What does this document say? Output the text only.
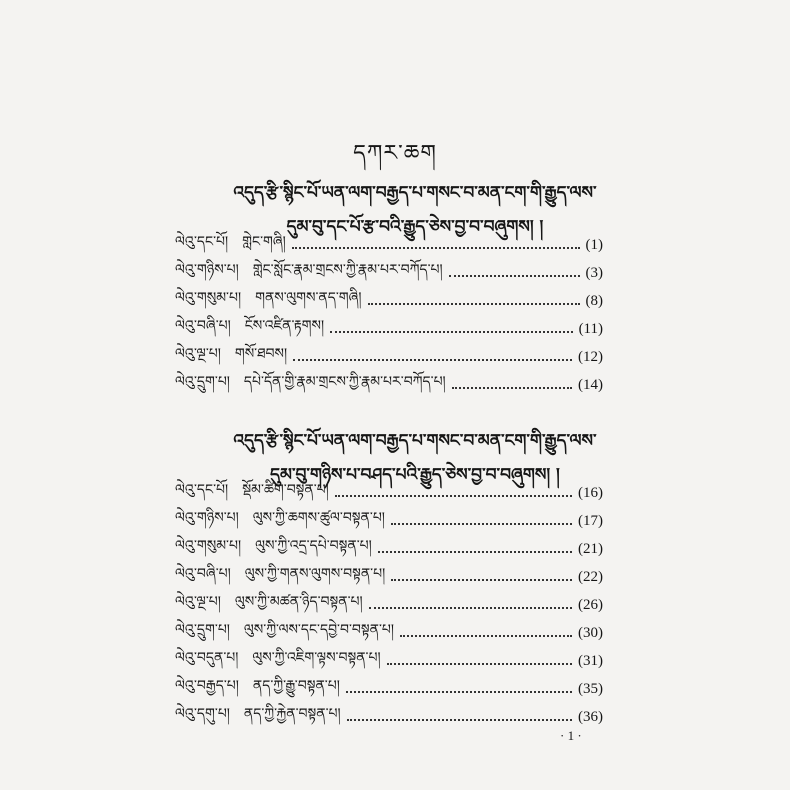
དཀར་ཆག
འདུད་རྩི་སྙིང་པོ་ཡན་ལག་བརྒྱད་པ་གསང་བ་མན་ངག་གི་རྒྱུད་ལས་
དུམ་བུ་དང་པོ་རྩ་བའི་རྒྱུད་ཅེས་བྱ་བ་བཞུགས། །
ལེའུ་དང་པོ། གླེང་གཞི།	(1)
ལེའུ་གཉིས་པ། གླེང་སློང་རྣམ་གྲངས་ཀྱི་རྣམ་པར་བཀོད་པ།	(3)
ལེའུ་གསུམ་པ། གནས་ལུགས་ནད་གཞི།	(8)
ལེའུ་བཞི་པ། ངོས་འཛིན་རྟགས།	(11)
ལེའུ་ལྔ་པ། གསོ་ཐབས།	(12)
ལེའུ་དྲུག་པ། དཔེ་དོན་གྱི་རྣམ་གྲངས་ཀྱི་རྣམ་པར་བཀོད་པ།	(14)
འདུད་རྩི་སྙིང་པོ་ཡན་ལག་བརྒྱད་པ་གསང་བ་མན་ངག་གི་རྒྱུད་ལས་
དུམ་བུ་གཉིས་པ་བཤད་པའི་རྒྱུད་ཅེས་བྱ་བ་བཞུགས། །
ལེའུ་དང་པོ། སྡོམ་ཚིག་བསྟན་པ།	(16)
ལེའུ་གཉིས་པ། ལུས་ཀྱི་ཆགས་ཚུལ་བསྟན་པ།	(17)
ལེའུ་གསུམ་པ། ལུས་ཀྱི་འདྲ་དཔེ་བསྟན་པ།	(21)
ལེའུ་བཞི་པ། ལུས་ཀྱི་གནས་ལུགས་བསྟན་པ།	(22)
ལེའུ་ལྔ་པ། ལུས་ཀྱི་མཚན་ཉིད་བསྟན་པ།	(26)
ལེའུ་དྲུག་པ། ལུས་ཀྱི་ལས་དང་དབྱེ་བ་བསྟན་པ།	(30)
ལེའུ་བདུན་པ། ལུས་ཀྱི་འཇིག་ལྟས་བསྟན་པ།	(31)
ལེའུ་བརྒྱད་པ། ནད་ཀྱི་རྒྱུ་བསྟན་པ།	(35)
ལེའུ་དགུ་པ། ནད་ཀྱི་རྐྱེན་བསྟན་པ།	(36)
· 1 ·
